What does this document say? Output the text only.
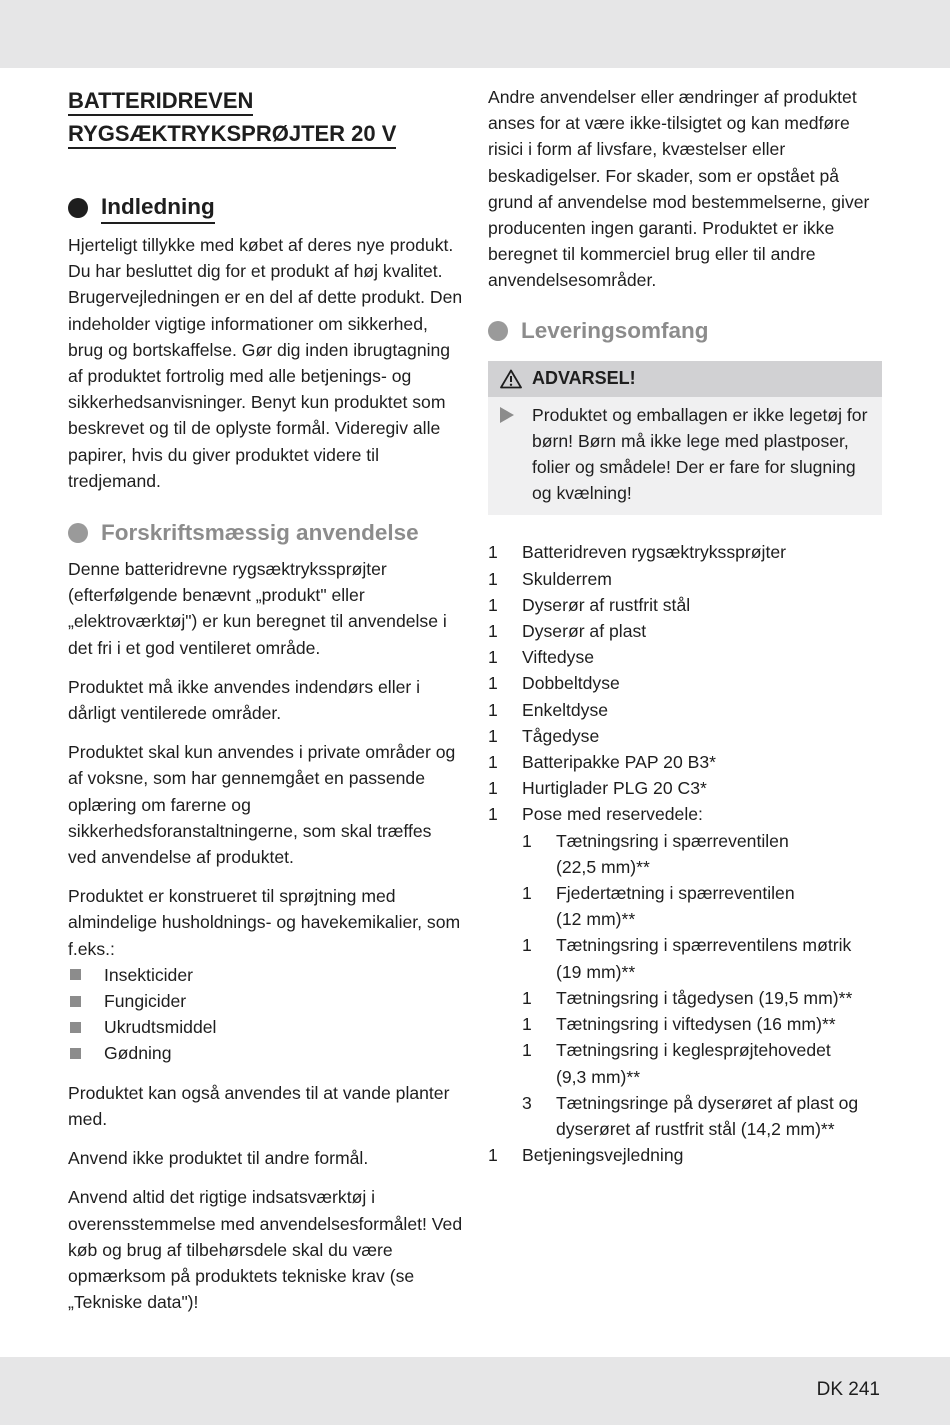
BATTERIDREVEN
RYGSÆKTRYKSPRØJTER 20 V
Indledning

Hjerteligt tillykke med købet af deres nye produkt. Du har besluttet dig for et produkt af høj kvalitet. Brugervejledningen er en del af dette produkt. Den indeholder vigtige informationer om sikkerhed, brug og bortskaffelse. Gør dig inden ibrugtagning af produktet fortrolig med alle betjenings- og sikkerhedsanvisninger. Benyt kun produktet som beskrevet og til de oplyste formål. Videregiv alle papirer, hvis du giver produktet videre til tredjemand.

Forskriftsmæssig anvendelse

Denne batteridrevne rygsæktrykssprøjter (efterfølgende benævnt „produkt" eller „elektroværktøj") er kun beregnet til anvendelse i det fri i et god ventileret område.

Produktet må ikke anvendes indendørs eller i dårligt ventilerede områder.

Produktet skal kun anvendes i private områder og af voksne, som har gennemgået en passende oplæring om farerne og sikkerhedsforanstaltningerne, som skal træffes ved anvendelse af produktet.

Produktet er konstrueret til sprøjtning med almindelige husholdnings- og havekemikalier, som f.eks.:

Insekticider
Fungicider
Ukrudtsmiddel
Gødning

Produktet kan også anvendes til at vande planter med.

Anvend ikke produktet til andre formål.

Anvend altid det rigtige indsatsværktøj i overensstemmelse med anvendelsesformålet! Ved køb og brug af tilbehørsdele skal du være opmærksom på produktets tekniske krav (se „Tekniske data")!

Andre anvendelser eller ændringer af produktet anses for at være ikke-tilsigtet og kan medføre risici i form af livsfare, kvæstelser eller beskadigelser. For skader, som er opstået på grund af anvendelse mod bestemmelserne, giver producenten ingen garanti. Produktet er ikke beregnet til kommerciel brug eller til andre anvendelsesområder.

Leveringsomfang
ADVARSEL!

Produktet og emballagen er ikke legetøj for børn! Børn må ikke lege med plastposer, folier og smådele! Der er fare for slugning og kvælning!

1	Batteridreven rygsæktrykssprøjter
1	Skulderrem
1	Dyserør af rustfrit stål
1	Dyserør af plast
1	Viftedyse
1	Dobbeltdyse
1	Enkeltdyse
1	Tågedyse
1	Batteripakke PAP 20 B3*
1	Hurtiglader PLG 20 C3*
1	Pose med reservedele:
1	Tætningsring i spærreventilen
(22,5 mm)**
1	Fjedertætning i spærreventilen
(12 mm)**
1	Tætningsring i spærreventilens møtrik
(19 mm)**
1	Tætningsring i tågedysen (19,5 mm)**
1	Tætningsring i viftedysen (16 mm)**
1	Tætningsring i keglesprøjtehovedet
(9,3 mm)**
3	Tætningsringe på dyserøret af plast og
dyserøret af rustfrit stål (14,2 mm)**
1	Betjeningsvejledning
DK 241
